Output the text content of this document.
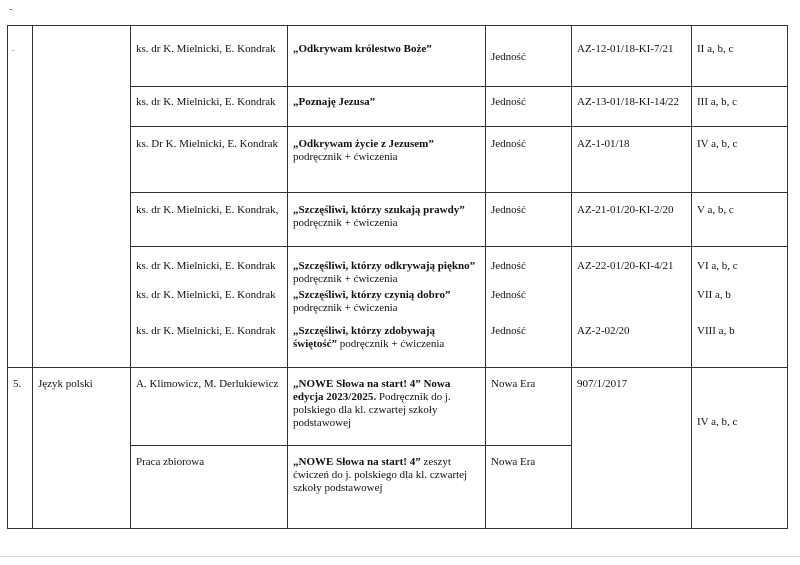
-
-		ks. dr K. Mielnicki, E. Kondrak	„Odkrywam królestwo Boże”	Jedność	AZ-12-01/18-KI-7/21	II a, b, c
		ks. dr K. Mielnicki, E. Kondrak	„Poznaję Jezusa”	Jedność	AZ-13-01/18-KI-14/22	III a, b, c
		ks. Dr K. Mielnicki, E. Kondrak	„Odkrywam życie z Jezusem”
podręcznik + ćwiczenia	Jedność	AZ-1-01/18	IV a, b, c
		ks. dr K. Mielnicki, E. Kondrak,	„Szczęśliwi, którzy szukają prawdy”
podręcznik + ćwiczenia	Jedność	AZ-21-01/20-KI-2/20	V a, b, c
		ks. dr K. Mielnicki, E. Kondrak	„Szczęśliwi, którzy odkrywają piękno” podręcznik + ćwiczenia	Jedność	AZ-22-01/20-KI-4/21	VI a, b, c
		ks. dr K. Mielnicki, E. Kondrak	„Szczęśliwi, którzy czynią dobro”
podręcznik + ćwiczenia	Jedność		VII a, b
		ks. dr K. Mielnicki, E. Kondrak	„Szczęśliwi, którzy zdobywają świętość” podręcznik + ćwiczenia	Jedność	AZ-2-02/20	VIII a, b
5.	Język polski	A. Klimowicz, M. Derlukiewicz	„NOWE Słowa na start! 4” Nowa edycja 2023/2025. Podręcznik do j. polskiego dla kl. czwartej szkoły podstawowej	Nowa Era	907/1/2017	IV a, b, c
		Praca zbiorowa	„NOWE Słowa na start! 4” zeszyt ćwiczeń do j. polskiego dla kl. czwartej szkoły podstawowej	Nowa Era		
